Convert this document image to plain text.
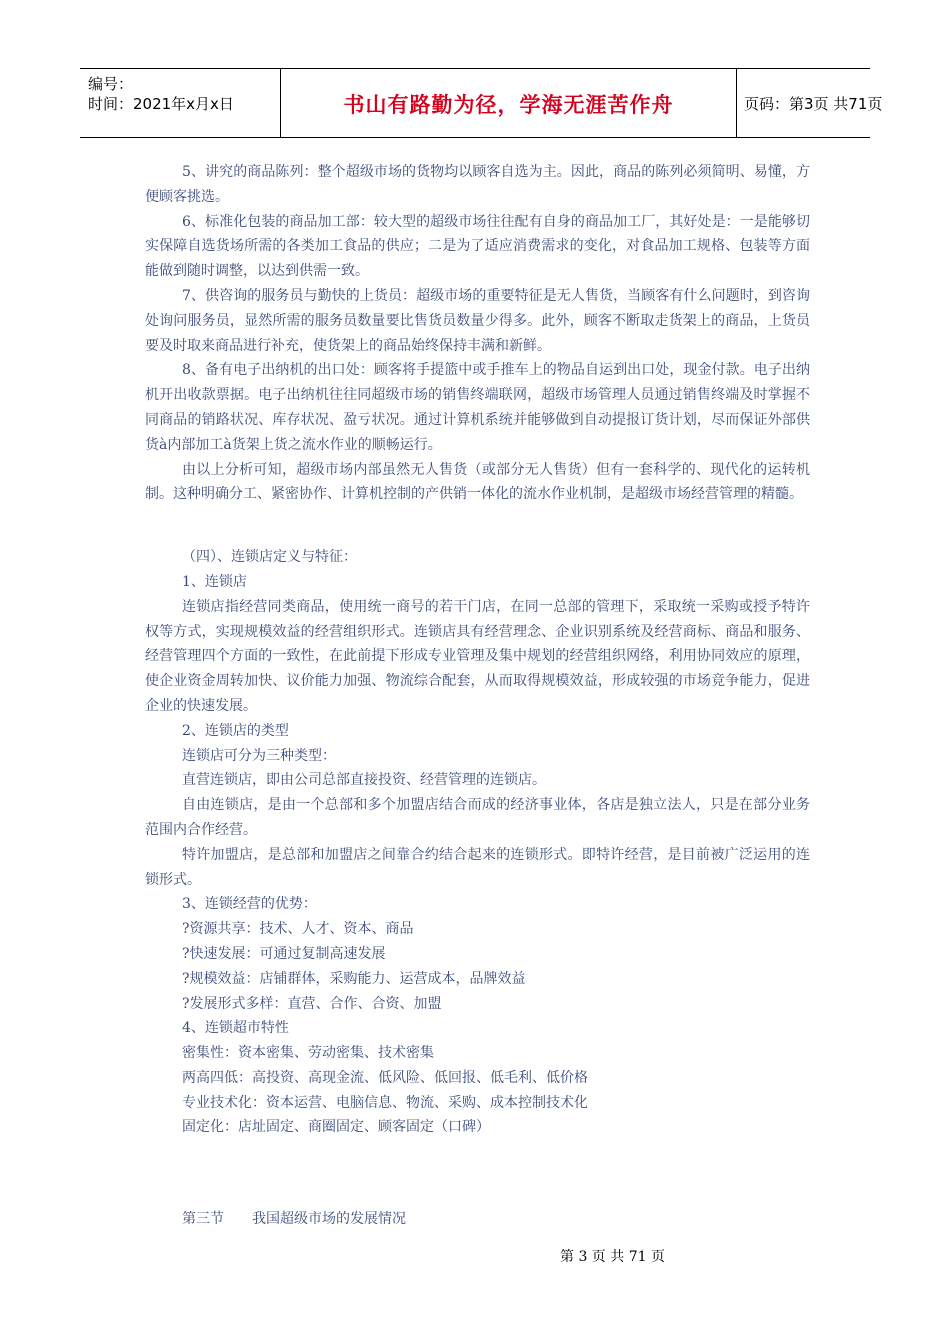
编号：
时间：2021年x月x日	书山有路勤为径，学海无涯苦作舟	页码：第3页 共71页

5、讲究的商品陈列：整个超级市场的货物均以顾客自选为主。因此，商品的陈列必须简明、易懂，方便顾客挑选。

6、标准化包装的商品加工部：较大型的超级市场往往配有自身的商品加工厂，其好处是：一是能够切实保障自选货场所需的各类加工食品的供应；二是为了适应消费需求的变化，对食品加工规格、包装等方面能做到随时调整，以达到供需一致。

7、供咨询的服务员与勤快的上货员：超级市场的重要特征是无人售货，当顾客有什么问题时，到咨询处询问服务员，显然所需的服务员数量要比售货员数量少得多。此外，顾客不断取走货架上的商品，上货员要及时取来商品进行补充，使货架上的商品始终保持丰满和新鲜。

8、备有电子出纳机的出口处：顾客将手提篮中或手推车上的物品自运到出口处，现金付款。电子出纳机开出收款票据。电子出纳机往往同超级市场的销售终端联网，超级市场管理人员通过销售终端及时掌握不同商品的销路状况、库存状况、盈亏状况。通过计算机系统并能够做到自动提报订货计划，尽而保证外部供货à内部加工à货架上货之流水作业的顺畅运行。

由以上分析可知，超级市场内部虽然无人售货（或部分无人售货）但有一套科学的、现代化的运转机制。这种明确分工、紧密协作、计算机控制的产供销一体化的流水作业机制，是超级市场经营管理的精髓。

（四）、连锁店定义与特征：

1、连锁店

连锁店指经营同类商品，使用统一商号的若干门店，在同一总部的管理下，采取统一采购或授予特许权等方式，实现规模效益的经营组织形式。连锁店具有经营理念、企业识别系统及经营商标、商品和服务、经营管理四个方面的一致性，在此前提下形成专业管理及集中规划的经营组织网络，利用协同效应的原理，使企业资金周转加快、议价能力加强、物流综合配套，从而取得规模效益，形成较强的市场竞争能力，促进企业的快速发展。

2、连锁店的类型

连锁店可分为三种类型：

直营连锁店，即由公司总部直接投资、经营管理的连锁店。

自由连锁店，是由一个总部和多个加盟店结合而成的经济事业体，各店是独立法人，只是在部分业务范围内合作经营。

特许加盟店，是总部和加盟店之间靠合约结合起来的连锁形式。即特许经营，是目前被广泛运用的连锁形式。

3、连锁经营的优势：

?资源共享：技术、人才、资本、商品

?快速发展：可通过复制高速发展

?规模效益：店铺群体，采购能力、运营成本，品牌效益

?发展形式多样：直营、合作、合资、加盟

4、连锁超市特性

密集性：资本密集、劳动密集、技术密集

两高四低：高投资、高现金流、低风险、低回报、低毛利、低价格

专业技术化：资本运营、电脑信息、物流、采购、成本控制技术化

固定化：店址固定、商圈固定、顾客固定（口碑）

第三节　　我国超级市场的发展情况
第 3 页 共 71 页
